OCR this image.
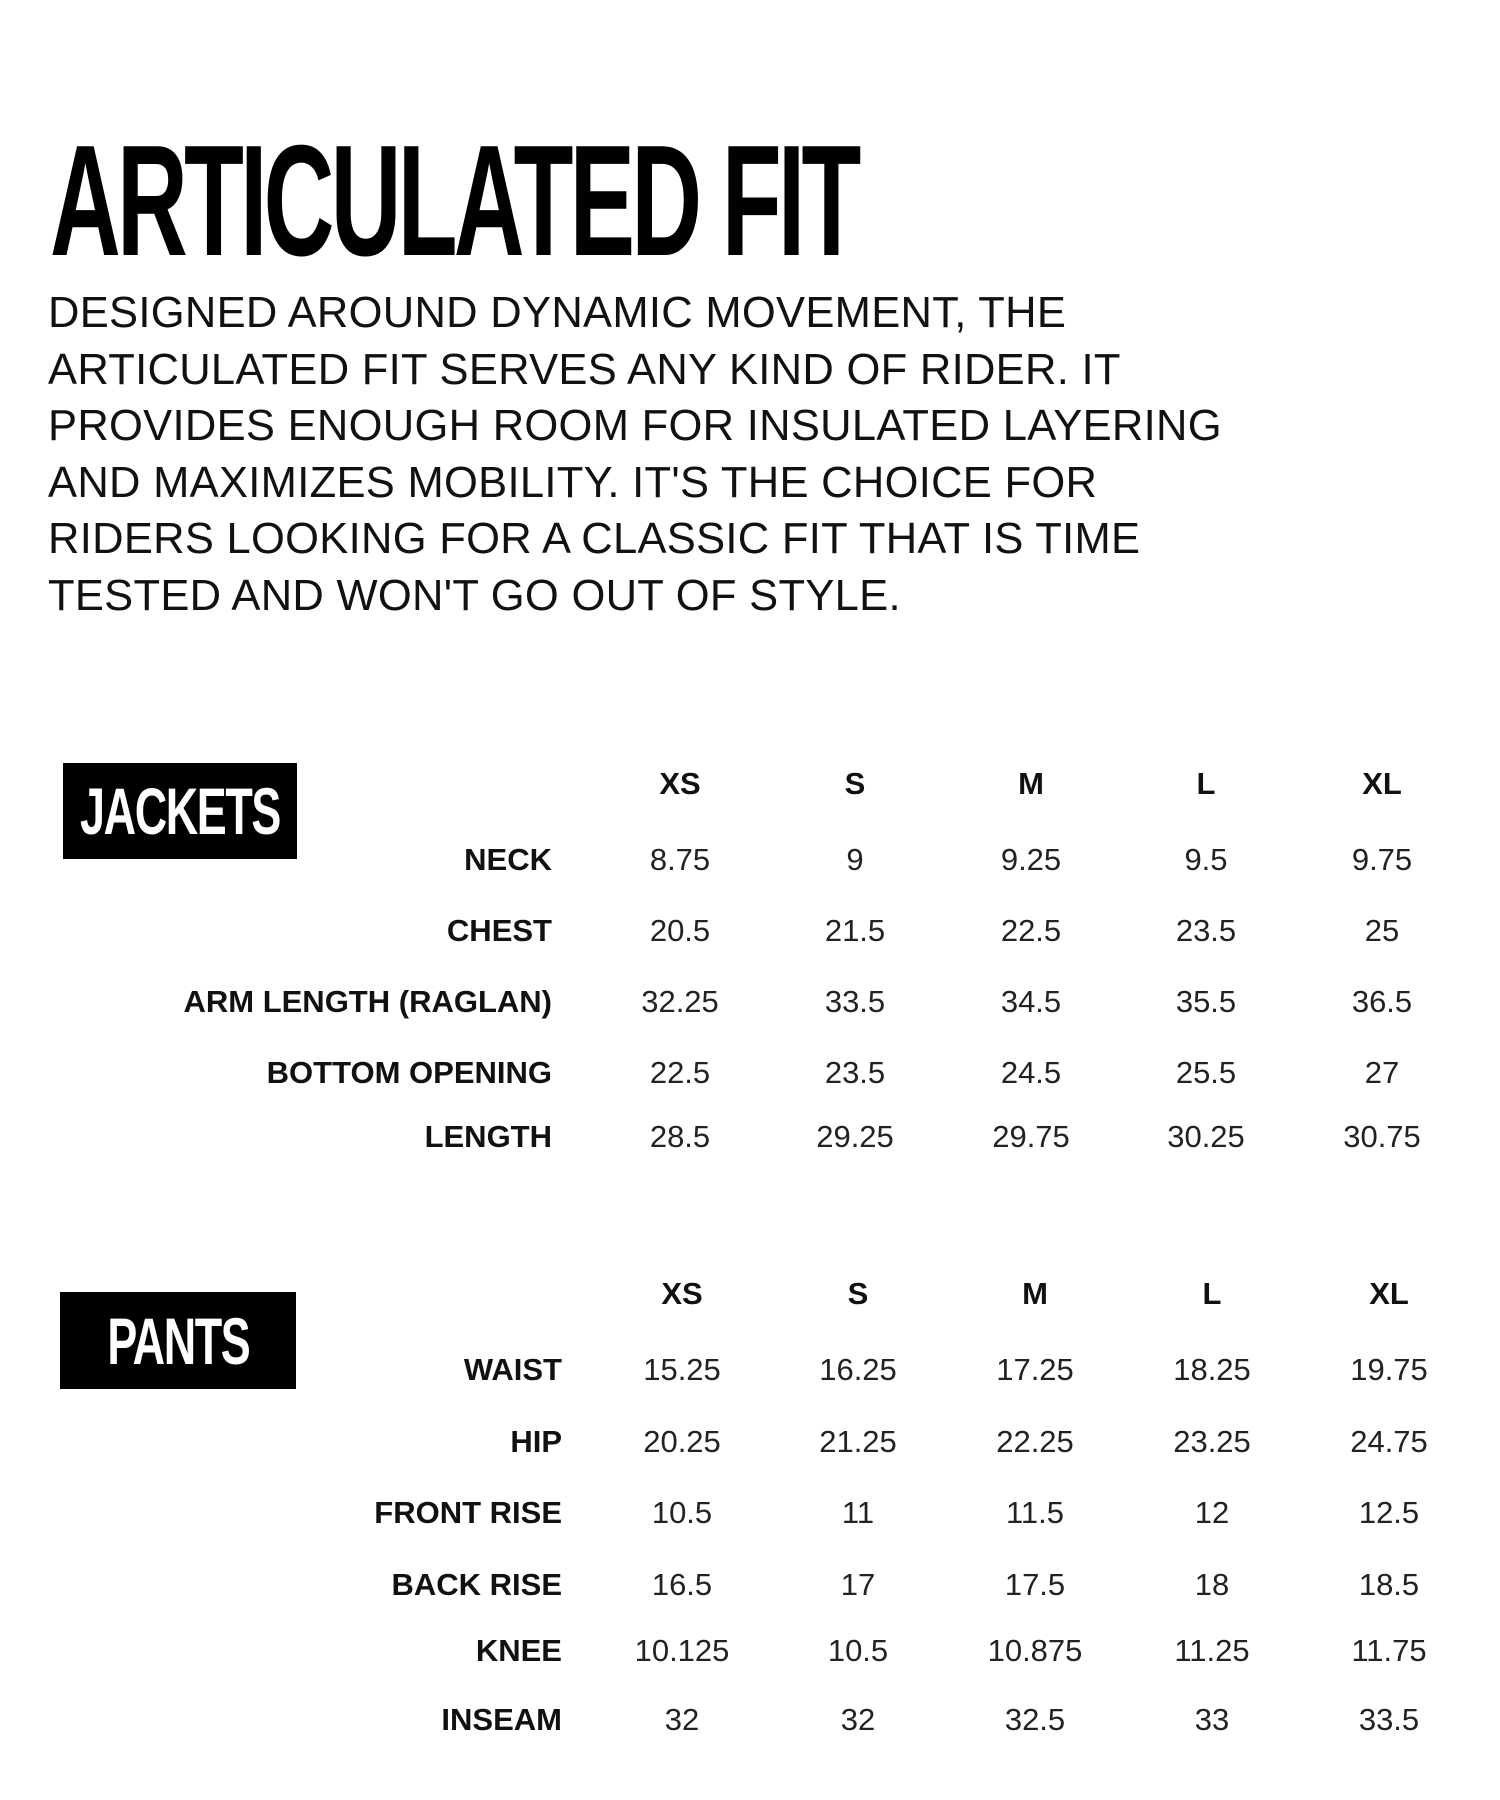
ARTICULATED FIT

DESIGNED AROUND DYNAMIC MOVEMENT, THE
ARTICULATED FIT SERVES ANY KIND OF RIDER. IT
PROVIDES ENOUGH ROOM FOR INSULATED LAYERING
AND MAXIMIZES MOBILITY. IT'S THE CHOICE FOR
RIDERS LOOKING FOR A CLASSIC FIT THAT IS TIME
TESTED AND WON'T GO OUT OF STYLE.

JACKETS
PANTS
XS	S	M	L	XL
NECK	8.75	9	9.25	9.5	9.75
CHEST	20.5	21.5	22.5	23.5	25
ARM LENGTH (RAGLAN)	32.25	33.5	34.5	35.5	36.5
BOTTOM OPENING	22.5	23.5	24.5	25.5	27
LENGTH	28.5	29.25	29.75	30.25	30.75
XS	S	M	L	XL
WAIST	15.25	16.25	17.25	18.25	19.75
HIP	20.25	21.25	22.25	23.25	24.75
FRONT RISE	10.5	11	11.5	12	12.5
BACK RISE	16.5	17	17.5	18	18.5
KNEE 10.125	10.5	10.875	11.25	11.75
INSEAM	32	32	32.5	33	33.5
